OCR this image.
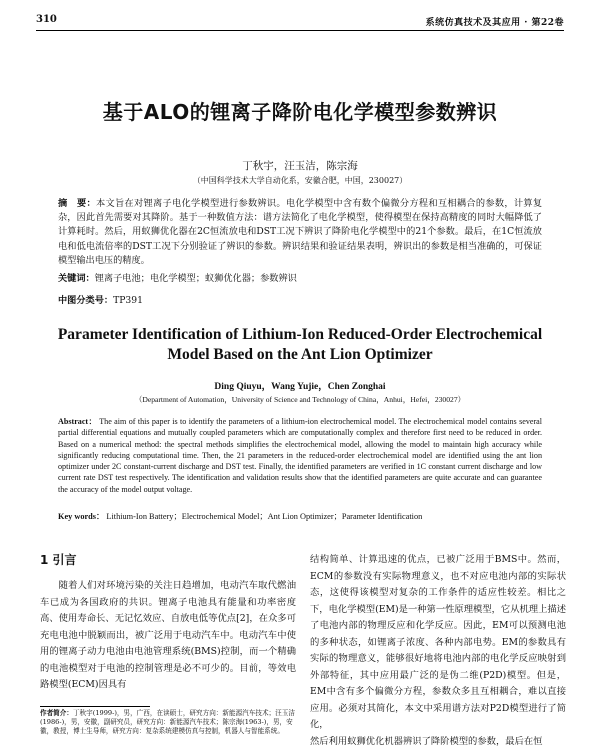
310	系统仿真技术及其应用 · 第22卷
基于ALO的锂离子降阶电化学模型参数辨识
丁秋宇，汪玉洁，陈宗海
（中国科学技术大学自动化系，安徽合肥，中国，230027）
摘　要：本文旨在对锂离子电化学模型进行参数辨识。电化学模型中含有数个偏微分方程和互相耦合的参数，计算复杂，因此首先需要对其降阶。基于一种数值方法：谱方法简化了电化学模型，使得模型在保持高精度的同时大幅降低了计算耗时。然后，用蚁狮优化器在2C恒流放电和DST工况下辨识了降阶电化学模型中的21个参数。最后，在1C恒流放电和低电流倍率的DST工况下分别验证了辨识的参数。辨识结果和验证结果表明，辨识出的参数是相当准确的，可保证模型输出电压的精度。
关键词：锂离子电池；电化学模型；蚁狮优化器；参数辨识
中图分类号：TP391
Parameter Identification of Lithium-Ion Reduced-Order Electrochemical Model Based on the Ant Lion Optimizer
Ding Qiuyu，Wang Yujie，Chen Zonghai
（Department of Automation，University of Science and Technology of China，Anhui，Hefei，230027）
Abstract： The aim of this paper is to identify the parameters of a lithium-ion electrochemical model. The electrochemical model contains several partial differential equations and mutually coupled parameters which are computationally complex and therefore first need to be reduced in order. Based on a numerical method: the spectral methods simplifies the electrochemical model, allowing the model to maintain high accuracy while significantly reducing computational time. Then, the 21 parameters in the reduced-order electrochemical model are identified using the ant lion optimizer under 2C constant-current discharge and DST test. Finally, the identified parameters are verified in 1C constant current discharge and low current rate DST test respectively. The identification and validation results show that the identified parameters are quite accurate and can guarantee the accuracy of the model output voltage.
Key words： Lithium-Ion Battery；Electrochemical Model；Ant Lion Optimizer；Parameter Identification
1 引言

随着人们对环境污染的关注日趋增加，电动汽车取代燃油车已成为各国政府的共识。锂离子电池具有能量和功率密度高、使用寿命长、无记忆效应、自放电低等优点[2]，在众多可充电电池中脱颖而出，被广泛用于电动汽车中。电动汽车中使用的锂离子动力电池由电池管理系统(BMS)控制，而一个精确的电池模型对于电池的控制管理是必不可少的。目前，等效电路模型(ECM)因具有

结构简单、计算迅速的优点，已被广泛用于BMS中。然而，ECM的参数没有实际物理意义，也不对应电池内部的实际状态，这使得该模型对复杂的工作条件的适应性较差。相比之下，电化学模型(EM)是一种第一性原理模型，它从机理上描述了电池内部的物理反应和化学反应。因此，EM可以预测电池的多种状态，如锂离子浓度、各种内部电势。EM的参数具有实际的物理意义，能够很好地将电池内部的电化学反应映射到外部特征，其中应用最广泛的是伪二维(P2D)模型。但是，EM中含有多个偏微分方程，参数众多且互相耦合，难以直接应用。必须对其简化，本文中采用谱方法对P2D模型进行了简化，

然后利用蚁狮优化机器辨识了降阶模型的参数，最后在恒

作者简介：丁秋宇(1999-)，男，广西，在读硕士，研究方向：新能源汽车技术；汪玉洁(1986-)，男，安徽，副研究员，研究方向：新能源汽车技术；陈宗海(1963-)，男，安徽，教授，博士生导师，研究方向：复杂系统建模仿真与控制，机器人与智能系统。
